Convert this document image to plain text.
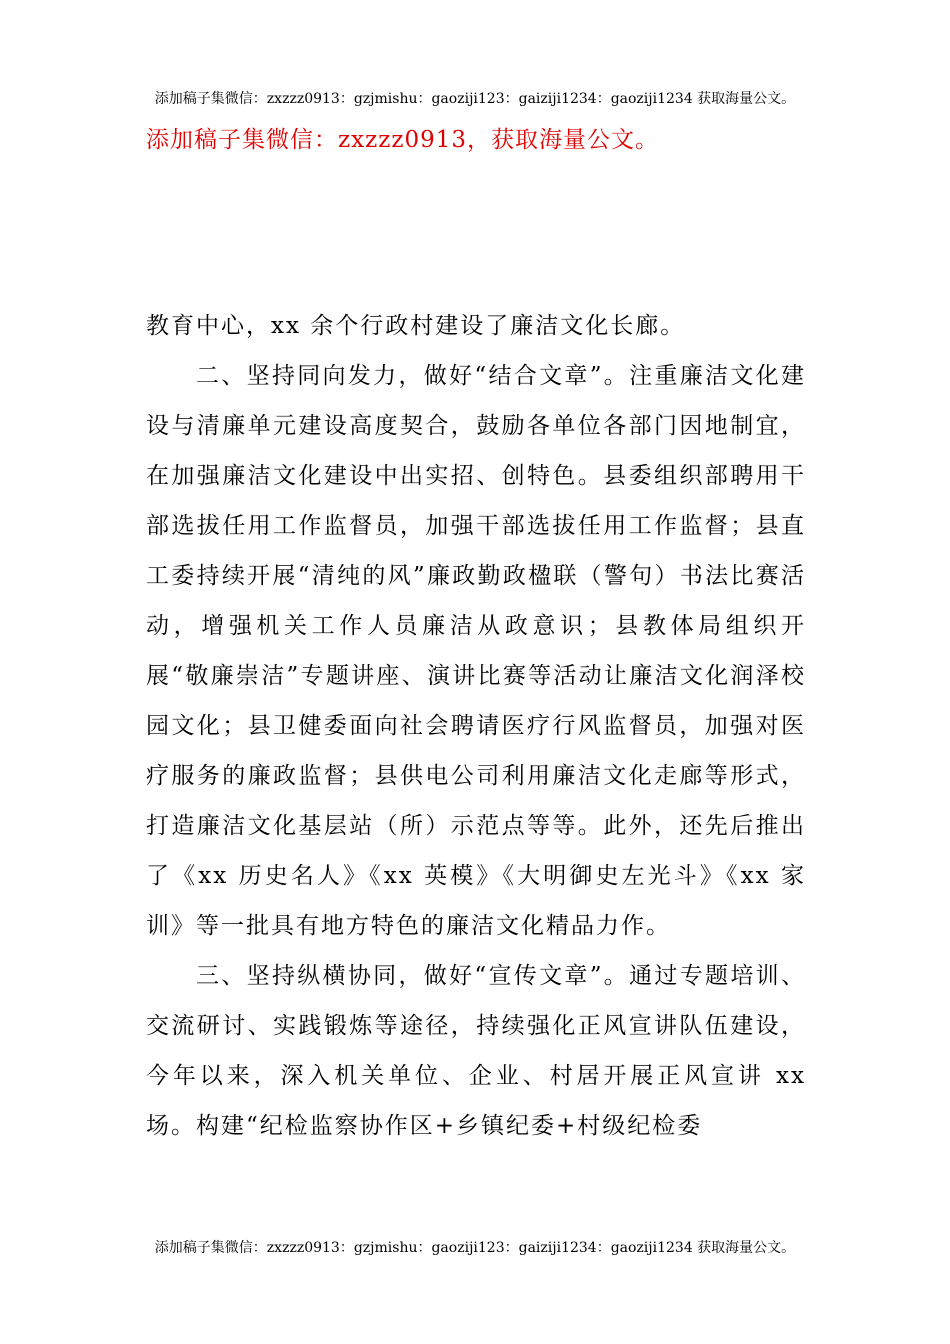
添加稿子集微信：zxzzz0913：gzjmishu：gaoziji123：gaiziji1234：gaoziji1234 获取海量公文。
添加稿子集微信：zxzzz0913，获取海量公文。

教育中心，xx 余个行政村建设了廉洁文化长廊。

二、坚持同向发力，做好“结合文章”。注重廉洁文化建设与清廉单元建设高度契合，鼓励各单位各部门因地制宜，在加强廉洁文化建设中出实招、创特色。县委组织部聘用干部选拔任用工作监督员，加强干部选拔任用工作监督；县直工委持续开展“清纯的风”廉政勤政楹联（警句）书法比赛活动，增强机关工作人员廉洁从政意识；县教体局组织开展“敬廉崇洁”专题讲座、演讲比赛等活动让廉洁文化润泽校园文化；县卫健委面向社会聘请医疗行风监督员，加强对医疗服务的廉政监督；县供电公司利用廉洁文化走廊等形式，打造廉洁文化基层站（所）示范点等等。此外，还先后推出了《xx 历史名人》《xx 英模》《大明御史左光斗》《xx 家训》等一批具有地方特色的廉洁文化精品力作。

三、坚持纵横协同，做好“宣传文章”。通过专题培训、交流研讨、实践锻炼等途径，持续强化正风宣讲队伍建设，今年以来，深入机关单位、企业、村居开展正风宣讲 xx 场。构建“纪检监察协作区+乡镇纪委+村级纪检委

添加稿子集微信：zxzzz0913：gzjmishu：gaoziji123：gaiziji1234：gaoziji1234 获取海量公文。
